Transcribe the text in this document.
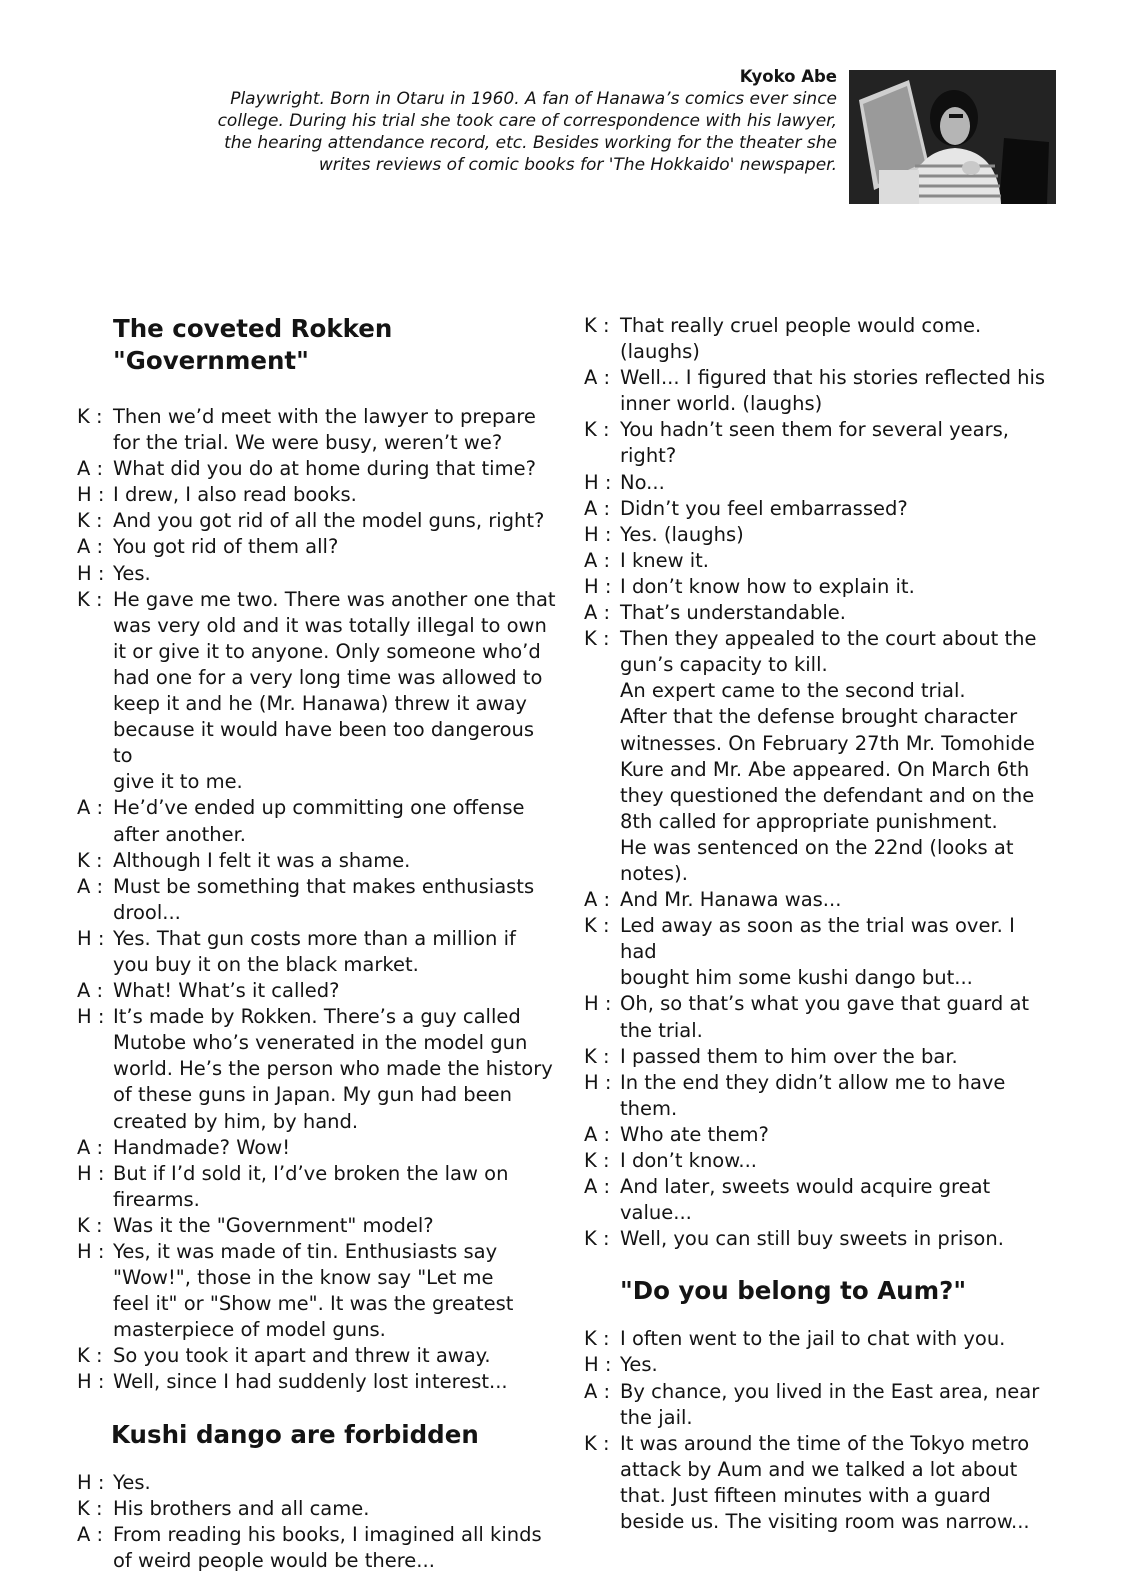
Kyoko Abe
Playwright. Born in Otaru in 1960. A fan of Hanawa’s comics ever since
college. During his trial she took care of correspondence with his lawyer,
the hearing attendance record, etc. Besides working for the theater she
writes reviews of comic books for 'The Hokkaido' newspaper.
The coveted Rokken "Government"
K : Then we’d meet with the lawyer to prepare
for the trial. We were busy, weren’t we?
A : What did you do at home during that time?
H : I drew, I also read books.
K : And you got rid of all the model guns, right?
A : You got rid of them all?
H : Yes.
K : He gave me two. There was another one that
was very old and it was totally illegal to own
it or give it to anyone. Only someone who’d
had one for a very long time was allowed to
keep it and he (Mr. Hanawa) threw it away
because it would have been too dangerous to
give it to me.
A : He’d’ve ended up committing one offense
after another.
K : Although I felt it was a shame.
A : Must be something that makes enthusiasts
drool...
H : Yes. That gun costs more than a million if
you buy it on the black market.
A : What! What’s it called?
H : It’s made by Rokken. There’s a guy called
Mutobe who’s venerated in the model gun
world. He’s the person who made the history
of these guns in Japan. My gun had been
created by him, by hand.
A : Handmade? Wow!
H : But if I’d sold it, I’d’ve broken the law on
firearms.
K : Was it the "Government" model?
H : Yes, it was made of tin. Enthusiasts say
"Wow!", those in the know say "Let me
feel it" or "Show me". It was the greatest
masterpiece of model guns.
K : So you took it apart and threw it away.
H : Well, since I had suddenly lost interest...
Kushi dango are forbidden
H : Yes.
K : His brothers and all came.
A : From reading his books, I imagined all kinds
of weird people would be there...
K : That really cruel people would come.
(laughs)
A : Well... I figured that his stories reflected his
inner world. (laughs)
K : You hadn’t seen them for several years,
right?
H : No...
A : Didn’t you feel embarrassed?
H : Yes. (laughs)
A : I knew it.
H : I don’t know how to explain it.
A : That’s understandable.
K : Then they appealed to the court about the
gun’s capacity to kill.
An expert came to the second trial.
After that the defense brought character
witnesses. On February 27th Mr. Tomohide
Kure and Mr. Abe appeared. On March 6th
they questioned the defendant and on the
8th called for appropriate punishment.
He was sentenced on the 22nd (looks at
notes).
A : And Mr. Hanawa was...
K : Led away as soon as the trial was over. I had
bought him some kushi dango but...
H : Oh, so that’s what you gave that guard at
the trial.
K : I passed them to him over the bar.
H : In the end they didn’t allow me to have
them.
A : Who ate them?
K : I don’t know...
A : And later, sweets would acquire great
value...
K : Well, you can still buy sweets in prison.
"Do you belong to Aum?"
K : I often went to the jail to chat with you.
H : Yes.
A : By chance, you lived in the East area, near
the jail.
K : It was around the time of the Tokyo metro
attack by Aum and we talked a lot about
that. Just fifteen minutes with a guard
beside us. The visiting room was narrow...
